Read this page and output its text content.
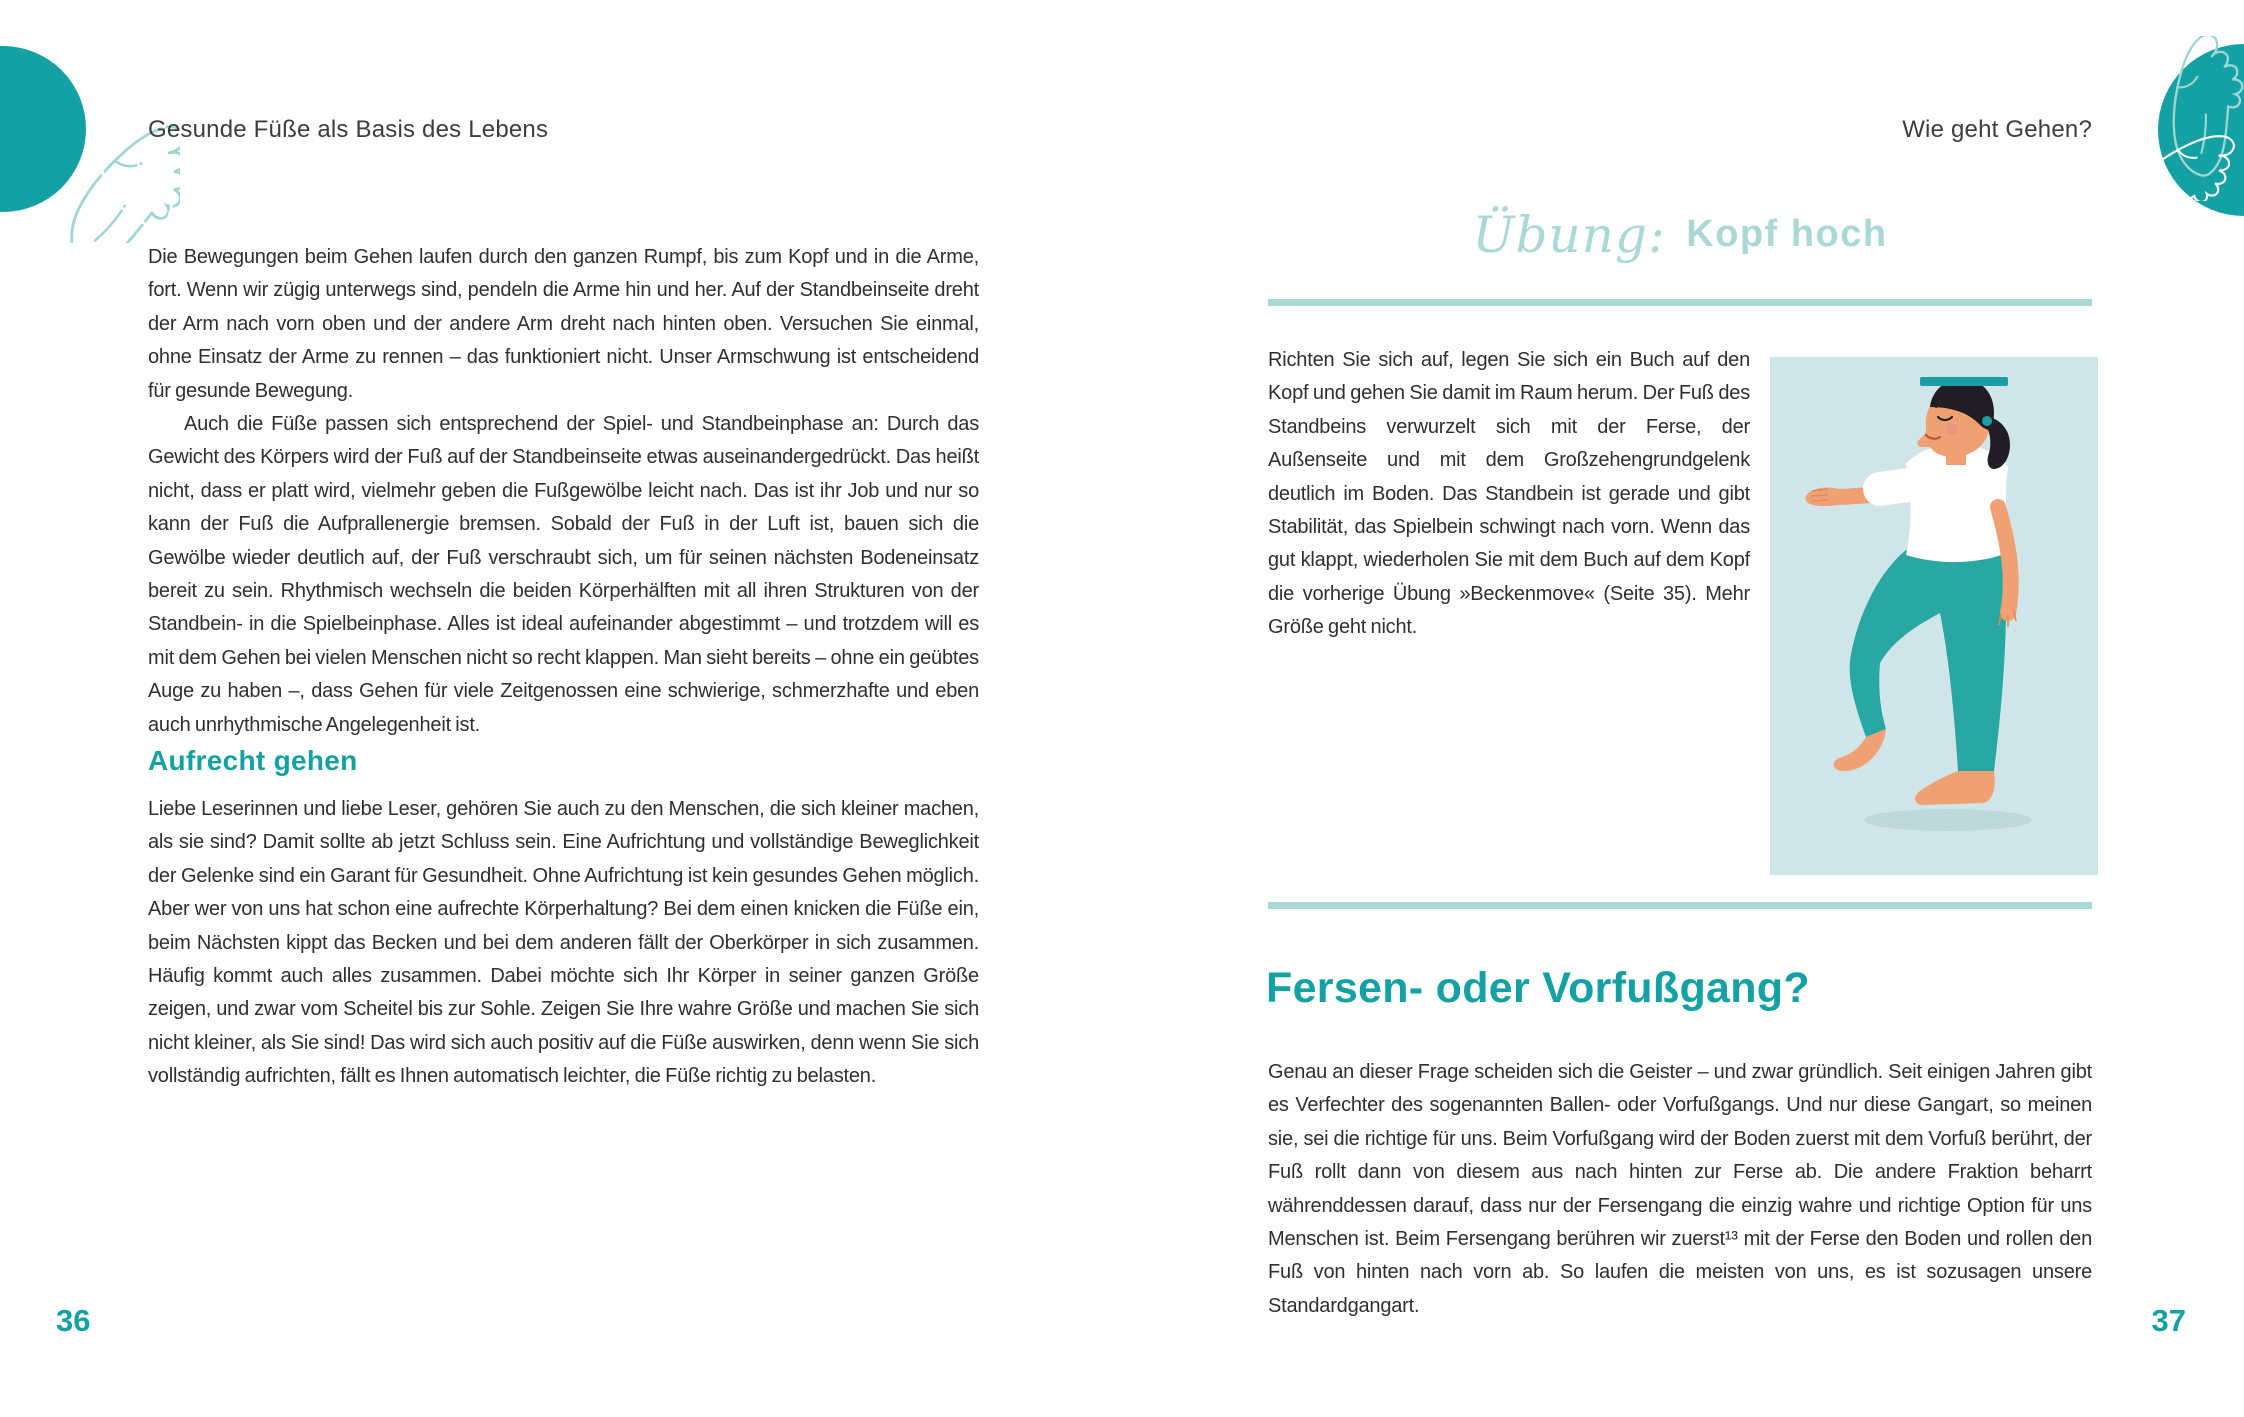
Gesunde Füße als Basis des Lebens

Die Bewegungen beim Gehen laufen durch den ganzen Rumpf, bis zum Kopf und in die Arme, fort. Wenn wir zügig unterwegs sind, pendeln die Arme hin und her. Auf der Standbeinseite dreht der Arm nach vorn oben und der andere Arm dreht nach hinten oben. Versuchen Sie einmal, ohne Einsatz der Arme zu rennen – das funktioniert nicht. Unser Armschwung ist entscheidend für gesunde Bewegung.

Auch die Füße passen sich entsprechend der Spiel- und Standbeinphase an: Durch das Gewicht des Körpers wird der Fuß auf der Standbeinseite etwas auseinandergedrückt. Das heißt nicht, dass er platt wird, vielmehr geben die Fußgewölbe leicht nach. Das ist ihr Job und nur so kann der Fuß die Aufprallenergie bremsen. Sobald der Fuß in der Luft ist, bauen sich die Gewölbe wieder deutlich auf, der Fuß verschraubt sich, um für seinen nächsten Bodeneinsatz bereit zu sein. Rhythmisch wechseln die beiden Körperhälften mit all ihren Strukturen von der Standbein- in die Spielbeinphase. Alles ist ideal aufeinander abgestimmt – und trotzdem will es mit dem Gehen bei vielen Menschen nicht so recht klappen. Man sieht bereits – ohne ein geübtes Auge zu haben –, dass Gehen für viele Zeitgenossen eine schwierige, schmerzhafte und eben auch unrhythmische Angelegenheit ist.

Aufrecht gehen

Liebe Leserinnen und liebe Leser, gehören Sie auch zu den Menschen, die sich kleiner machen, als sie sind? Damit sollte ab jetzt Schluss sein. Eine Aufrichtung und vollständige Beweglichkeit der Gelenke sind ein Garant für Gesundheit. Ohne Aufrichtung ist kein gesundes Gehen möglich. Aber wer von uns hat schon eine aufrechte Körperhaltung? Bei dem einen knicken die Füße ein, beim Nächsten kippt das Becken und bei dem anderen fällt der Oberkörper in sich zusammen. Häufig kommt auch alles zusammen. Dabei möchte sich Ihr Körper in seiner ganzen Größe zeigen, und zwar vom Scheitel bis zur Sohle. Zeigen Sie Ihre wahre Größe und machen Sie sich nicht kleiner, als Sie sind! Das wird sich auch positiv auf die Füße auswirken, denn wenn Sie sich vollständig aufrichten, fällt es Ihnen automatisch leichter, die Füße richtig zu belasten.

36
Wie geht Gehen?
Übung: Kopf hoch

Richten Sie sich auf, legen Sie sich ein Buch auf den Kopf und gehen Sie damit im Raum herum. Der Fuß des Standbeins verwurzelt sich mit der Ferse, der Außenseite und mit dem Großzehengrundgelenk deutlich im Boden. Das Standbein ist gerade und gibt Stabilität, das Spielbein schwingt nach vorn. Wenn das gut klappt, wiederholen Sie mit dem Buch auf dem Kopf die vorherige Übung »Beckenmove« (Seite 35). Mehr Größe geht nicht.

Fersen- oder Vorfußgang?

Genau an dieser Frage scheiden sich die Geister – und zwar gründlich. Seit einigen Jahren gibt es Verfechter des sogenannten Ballen- oder Vorfußgangs. Und nur diese Gangart, so meinen sie, sei die richtige für uns. Beim Vorfußgang wird der Boden zuerst mit dem Vorfuß berührt, der Fuß rollt dann von diesem aus nach hinten zur Ferse ab. Die andere Fraktion beharrt währenddessen darauf, dass nur der Fersengang die einzig wahre und richtige Option für uns Menschen ist. Beim Fersengang berühren wir zuerst¹³ mit der Ferse den Boden und rollen den Fuß von hinten nach vorn ab. So laufen die meisten von uns, es ist sozusagen unsere Standardgangart.	37
